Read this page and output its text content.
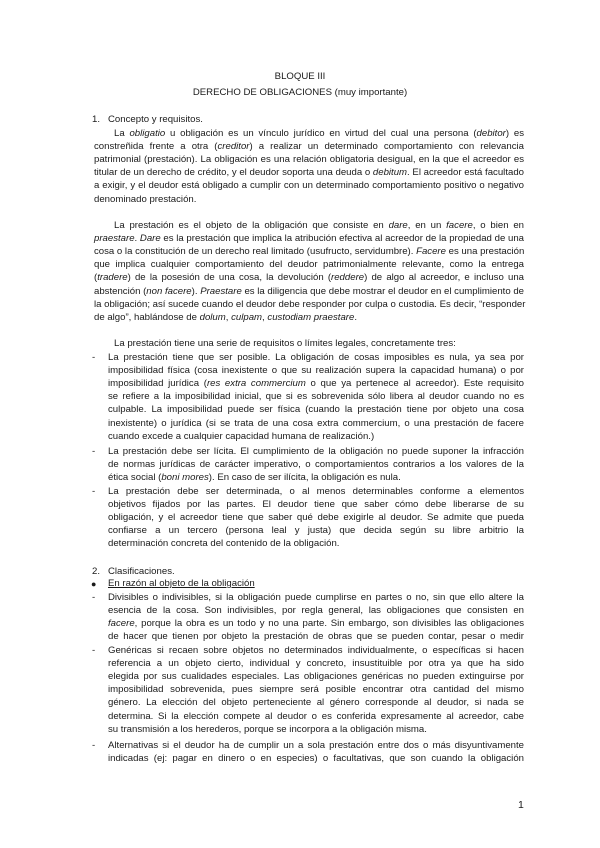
BLOQUE III
DERECHO DE OBLIGACIONES (muy importante)
1. Concepto y requisitos.
La obligatio u obligación es un vínculo jurídico en virtud del cual una persona (debitor) es
constreñida frente a otra (creditor) a realizar un determinado comportamiento con relevancia
patrimonial (prestación). La obligación es una relación obligatoria desigual, en la que el acreedor es
titular de un derecho de crédito, y el deudor soporta una deuda o debitum. El acreedor está facultado
a exigir, y el deudor está obligado a cumplir con un determinado comportamiento positivo o negativo
denominado prestación.
La prestación es el objeto de la obligación que consiste en dare, en un facere, o bien en
praestare. Dare es la prestación que implica la atribución efectiva al acreedor de la propiedad de una
cosa o la constitución de un derecho real limitado (usufructo, servidumbre). Facere es una prestación
que implica cualquier comportamiento del deudor patrimonialmente relevante, como la entrega
(tradere) de la posesión de una cosa, la devolución (reddere) de algo al acreedor, e incluso una
abstención (non facere). Praestare es la diligencia que debe mostrar el deudor en el cumplimiento de
la obligación; así sucede cuando el deudor debe responder por culpa o custodia. Es decir, “responder
de algo”, hablándose de dolum, culpam, custodiam praestare.
La prestación tiene una serie de requisitos o límites legales, concretamente tres:
- La prestación tiene que ser posible. La obligación de cosas imposibles es nula, ya sea por
imposibilidad física (cosa inexistente o que su realización supera la capacidad humana) o por
imposibilidad jurídica (res extra commercium o que ya pertenece al acreedor). Este requisito
se refiere a la imposibilidad inicial, que si es sobrevenida sólo libera al deudor cuando no es
culpable. La imposibilidad puede ser física (cuando la prestación tiene por objeto una cosa
inexistente) o jurídica (si se trata de una cosa extra commercium, o una prestación de facere
cuando excede a cualquier capacidad humana de realización.)
- La prestación debe ser lícita. El cumplimiento de la obligación no puede suponer la infracción
de normas jurídicas de carácter imperativo, o comportamientos contrarios a los valores de la
ética social (boni mores). En caso de ser ilícita, la obligación es nula.
- La prestación debe ser determinada, o al menos determinables conforme a elementos
objetivos fijados por las partes. El deudor tiene que saber cómo debe liberarse de su
obligación, y el acreedor tiene que saber qué debe exigirle al deudor. Se admite que pueda
confiarse a un tercero (persona leal y justa) que decida según su libre arbitrio la
determinación concreta del contenido de la obligación.
2. Clasificaciones.
● En razón al objeto de la obligación
- Divisibles o indivisibles, si la obligación puede cumplirse en partes o no, sin que ello altere la
esencia de la cosa. Son indivisibles, por regla general, las obligaciones que consisten en
facere, porque la obra es un todo y no una parte. Sin embargo, son divisibles las obligaciones
de hacer que tienen por objeto la prestación de obras que se pueden contar, pesar o medir
- Genéricas si recaen sobre objetos no determinados individualmente, o específicas si hacen
referencia a un objeto cierto, individual y concreto, insustituible por otra ya que ha sido
elegida por sus cualidades especiales. Las obligaciones genéricas no pueden extinguirse por
imposibilidad sobrevenida, pues siempre será posible encontrar otra cantidad del mismo
género. La elección del objeto perteneciente al género corresponde al deudor, si nada se
determina. Si la elección compete al deudor o es conferida expresamente al acreedor, cabe
su transmisión a los herederos, porque se incorpora a la obligación misma.
- Alternativas si el deudor ha de cumplir un a sola prestación entre dos o más disyuntivamente
indicadas (ej: pagar en dinero o en especies) o facultativas, que son cuando la obligación
1
